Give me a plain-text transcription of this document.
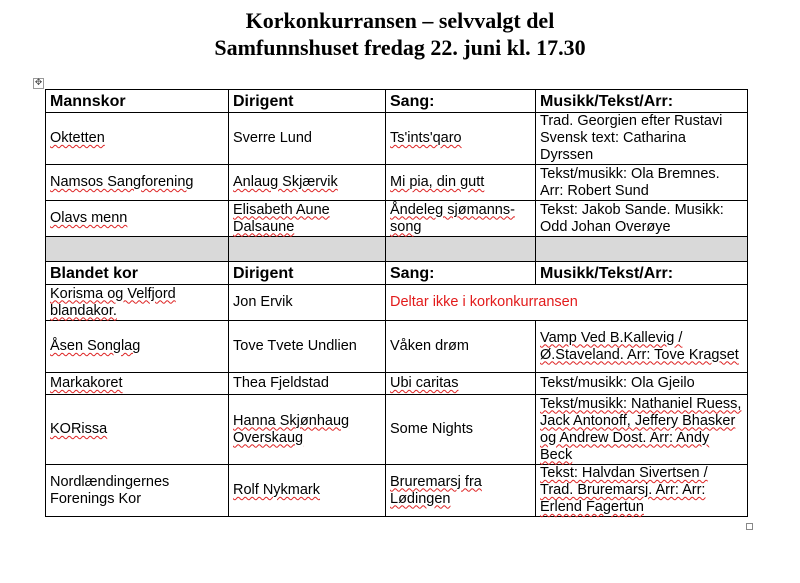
Korkonkurransen – selvvalgt del
Samfunnshuset fredag 22. juni kl. 17.30
✥
Mannskor	Dirigent	Sang:	Musikk/Tekst/Arr:
Oktetten	Sverre Lund	Ts'ints'qaro	Trad. Georgien efter Rustavi Svensk text: Catharina Dyrssen
Namsos Sangforening	Anlaug Skjærvik	Mi pia, din gutt	Tekst/musikk: Ola Bremnes. Arr: Robert Sund
Olavs menn	Elisabeth Aune Dalsaune	Åndeleg sjømanns-song	Tekst: Jakob Sande. Musikk: Odd Johan Overøye

Blandet kor	Dirigent	Sang:	Musikk/Tekst/Arr:
Korisma og Velfjord blandakor.	Jon Ervik	Deltar ikke i korkonkurransen	
Åsen Songlag	Tove Tvete Undlien	Våken drøm	Vamp Ved B.Kallevig / Ø.Staveland. Arr: Tove Kragset
Markakoret	Thea Fjeldstad	Ubi caritas	Tekst/musikk: Ola Gjeilo
KORissa	Hanna Skjønhaug Overskaug	Some Nights	Tekst/musikk: Nathaniel Ruess, Jack Antonoff, Jeffery Bhasker og Andrew Dost. Arr: Andy Beck
Nordlændingernes Forenings Kor	Rolf Nykmark	Bruremarsj fra Lødingen	Tekst: Halvdan Sivertsen / Trad. Bruremarsj. Arr: Arr: Erlend Fagertun
